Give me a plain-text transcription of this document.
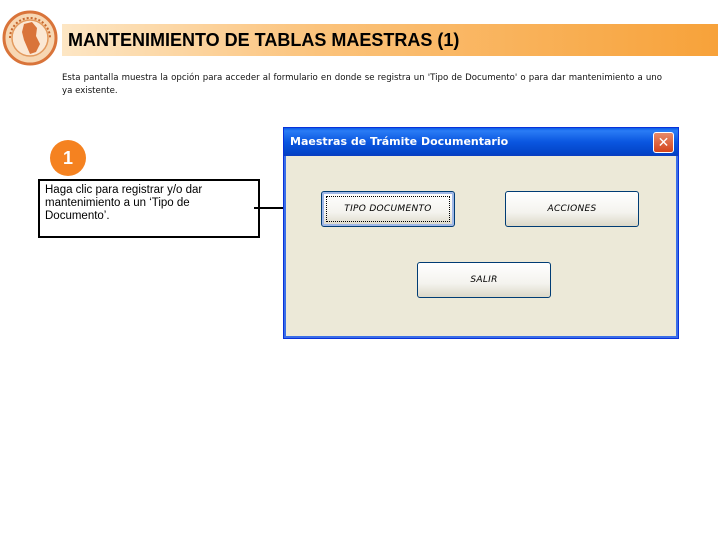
MANTENIMIENTO DE TABLAS MAESTRAS (1)
Esta pantalla muestra la opción para acceder al formulario en donde se registra un 'Tipo de Documento' o para dar mantenimiento a uno ya existente.
1
Haga clic para registrar y/o dar mantenimiento a un ‘Tipo de Documento’.
Maestras de Trámite Documentario	✕
TIPO DOCUMENTO	ACCIONES
SALIR
